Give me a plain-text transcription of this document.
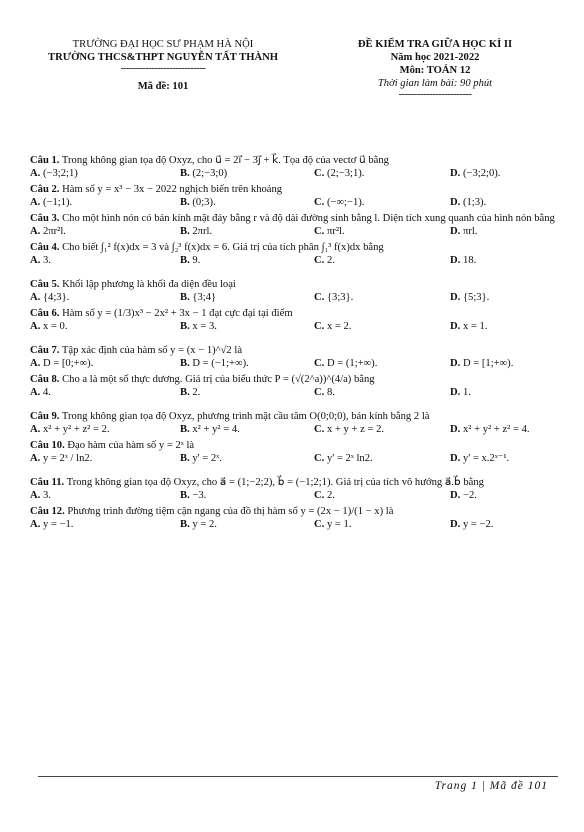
TRƯỜNG ĐẠI HỌC SƯ PHẠM HÀ NỘI
TRƯỜNG THCS&THPT NGUYỄN TẤT THÀNH
----------------------------
Mã đề: 101
ĐỀ KIỂM TRA GIỮA HỌC KÌ II
Năm học 2021-2022
Môn: TOÁN 12
Thời gian làm bài: 90 phút
------------------------

Câu 1. Trong không gian tọa độ Oxyz, cho u⃗ = 2i⃗ − 3j⃗ + k⃗. Tọa độ của vectơ u⃗ bằng

A. (−3;2;1)	B. (2;−3;0)	C. (2;−3;1).	D. (−3;2;0).

Câu 2. Hàm số y = x³ − 3x − 2022 nghịch biến trên khoảng

A. (−1;1).	B. (0;3).	C. (−∞;−1).	D. (1;3).

Câu 3. Cho một hình nón có bán kính mặt đáy bằng r và độ dài đường sinh bằng l. Diện tích xung quanh của hình nón bằng

A. 2πr²l.	B. 2πrl.	C. πr²l.	D. πrl.

Câu 4. Cho biết ∫₁² f(x)dx = 3 và ∫₂³ f(x)dx = 6. Giá trị của tích phân ∫₁³ f(x)dx bằng

A. 3.	B. 9.	C. 2.	D. 18.

Câu 5. Khối lập phương là khối đa diện đều loại

A. {4;3}.	B. {3;4}	C. {3;3}.	D. {5;3}.

Câu 6. Hàm số y = (1/3)x³ − 2x² + 3x − 1 đạt cực đại tại điểm

A. x = 0.	B. x = 3.	C. x = 2.	D. x = 1.

Câu 7. Tập xác định của hàm số y = (x − 1)^√2 là

A. D = [0;+∞).	B. D = (−1;+∞).	C. D = (1;+∞).	D. D = [1;+∞).

Câu 8. Cho a là một số thực dương. Giá trị của biểu thức P = (√(2^a))^(4/a) bằng

A. 4.	B. 2.	C. 8.	D. 1.

Câu 9. Trong không gian tọa độ Oxyz, phương trình mặt cầu tâm O(0;0;0), bán kính bằng 2 là

A. x² + y² + z² = 2.	B. x² + y² = 4.	C. x + y + z = 2.	D. x² + y² + z² = 4.

Câu 10. Đạo hàm của hàm số y = 2ˣ là

A. y = 2ˣ / ln2.	B. y' = 2ˣ.	C. y' = 2ˣ ln2.	D. y' = x.2ˣ⁻¹.

Câu 11. Trong không gian tọa độ Oxyz, cho a⃗ = (1;−2;2), b⃗ = (−1;2;1). Giá trị của tích vô hướng a⃗.b⃗ bằng

A. 3.	B. −3.	C. 2.	D. −2.

Câu 12. Phương trình đường tiệm cận ngang của đồ thị hàm số y = (2x − 1)/(1 − x) là

A. y = −1.	B. y = 2.	C. y = 1.	D. y = −2.
Trang 1 | Mã đề 101
